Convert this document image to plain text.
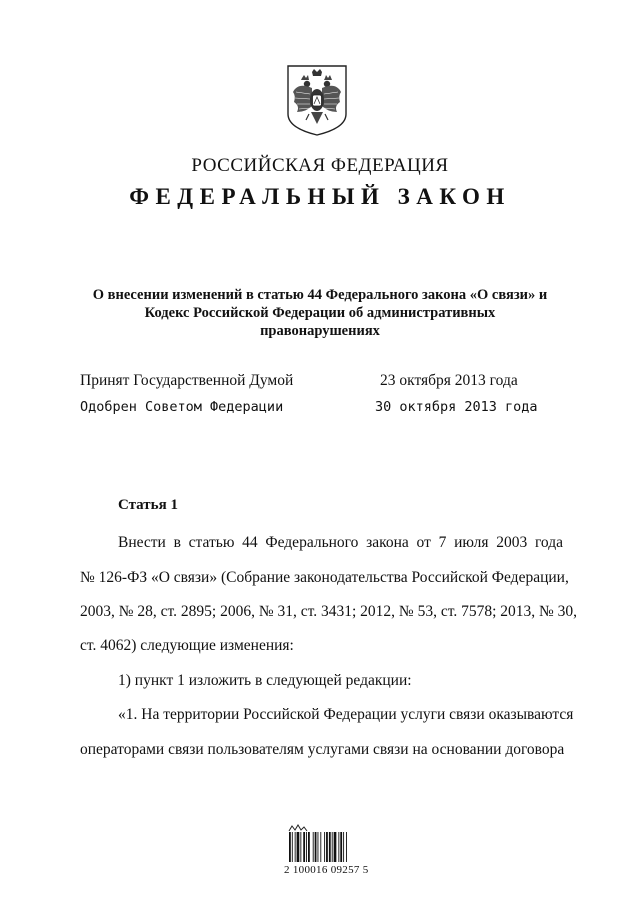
РОССИЙСКАЯ ФЕДЕРАЦИЯ
ФЕДЕРАЛЬНЫЙ ЗАКОН
О внесении изменений в статью 44 Федерального закона «О связи» и
Кодекс Российской Федерации об административных
правонарушениях
Принят Государственной Думой	23 октября 2013 года
Одобрен Советом Федерации	30 октября 2013 года
Статья 1
Внести в статью 44 Федерального закона от 7 июля 2003 года
№ 126-ФЗ «О связи» (Собрание законодательства Российской Федерации,
2003, № 28, ст. 2895; 2006, № 31, ст. 3431; 2012, № 53, ст. 7578; 2013, № 30,
ст. 4062) следующие изменения:
1) пункт 1 изложить в следующей редакции:
«1. На территории Российской Федерации услуги связи оказываются
операторами связи пользователям услугами связи на основании договора
2 100016 09257 5
